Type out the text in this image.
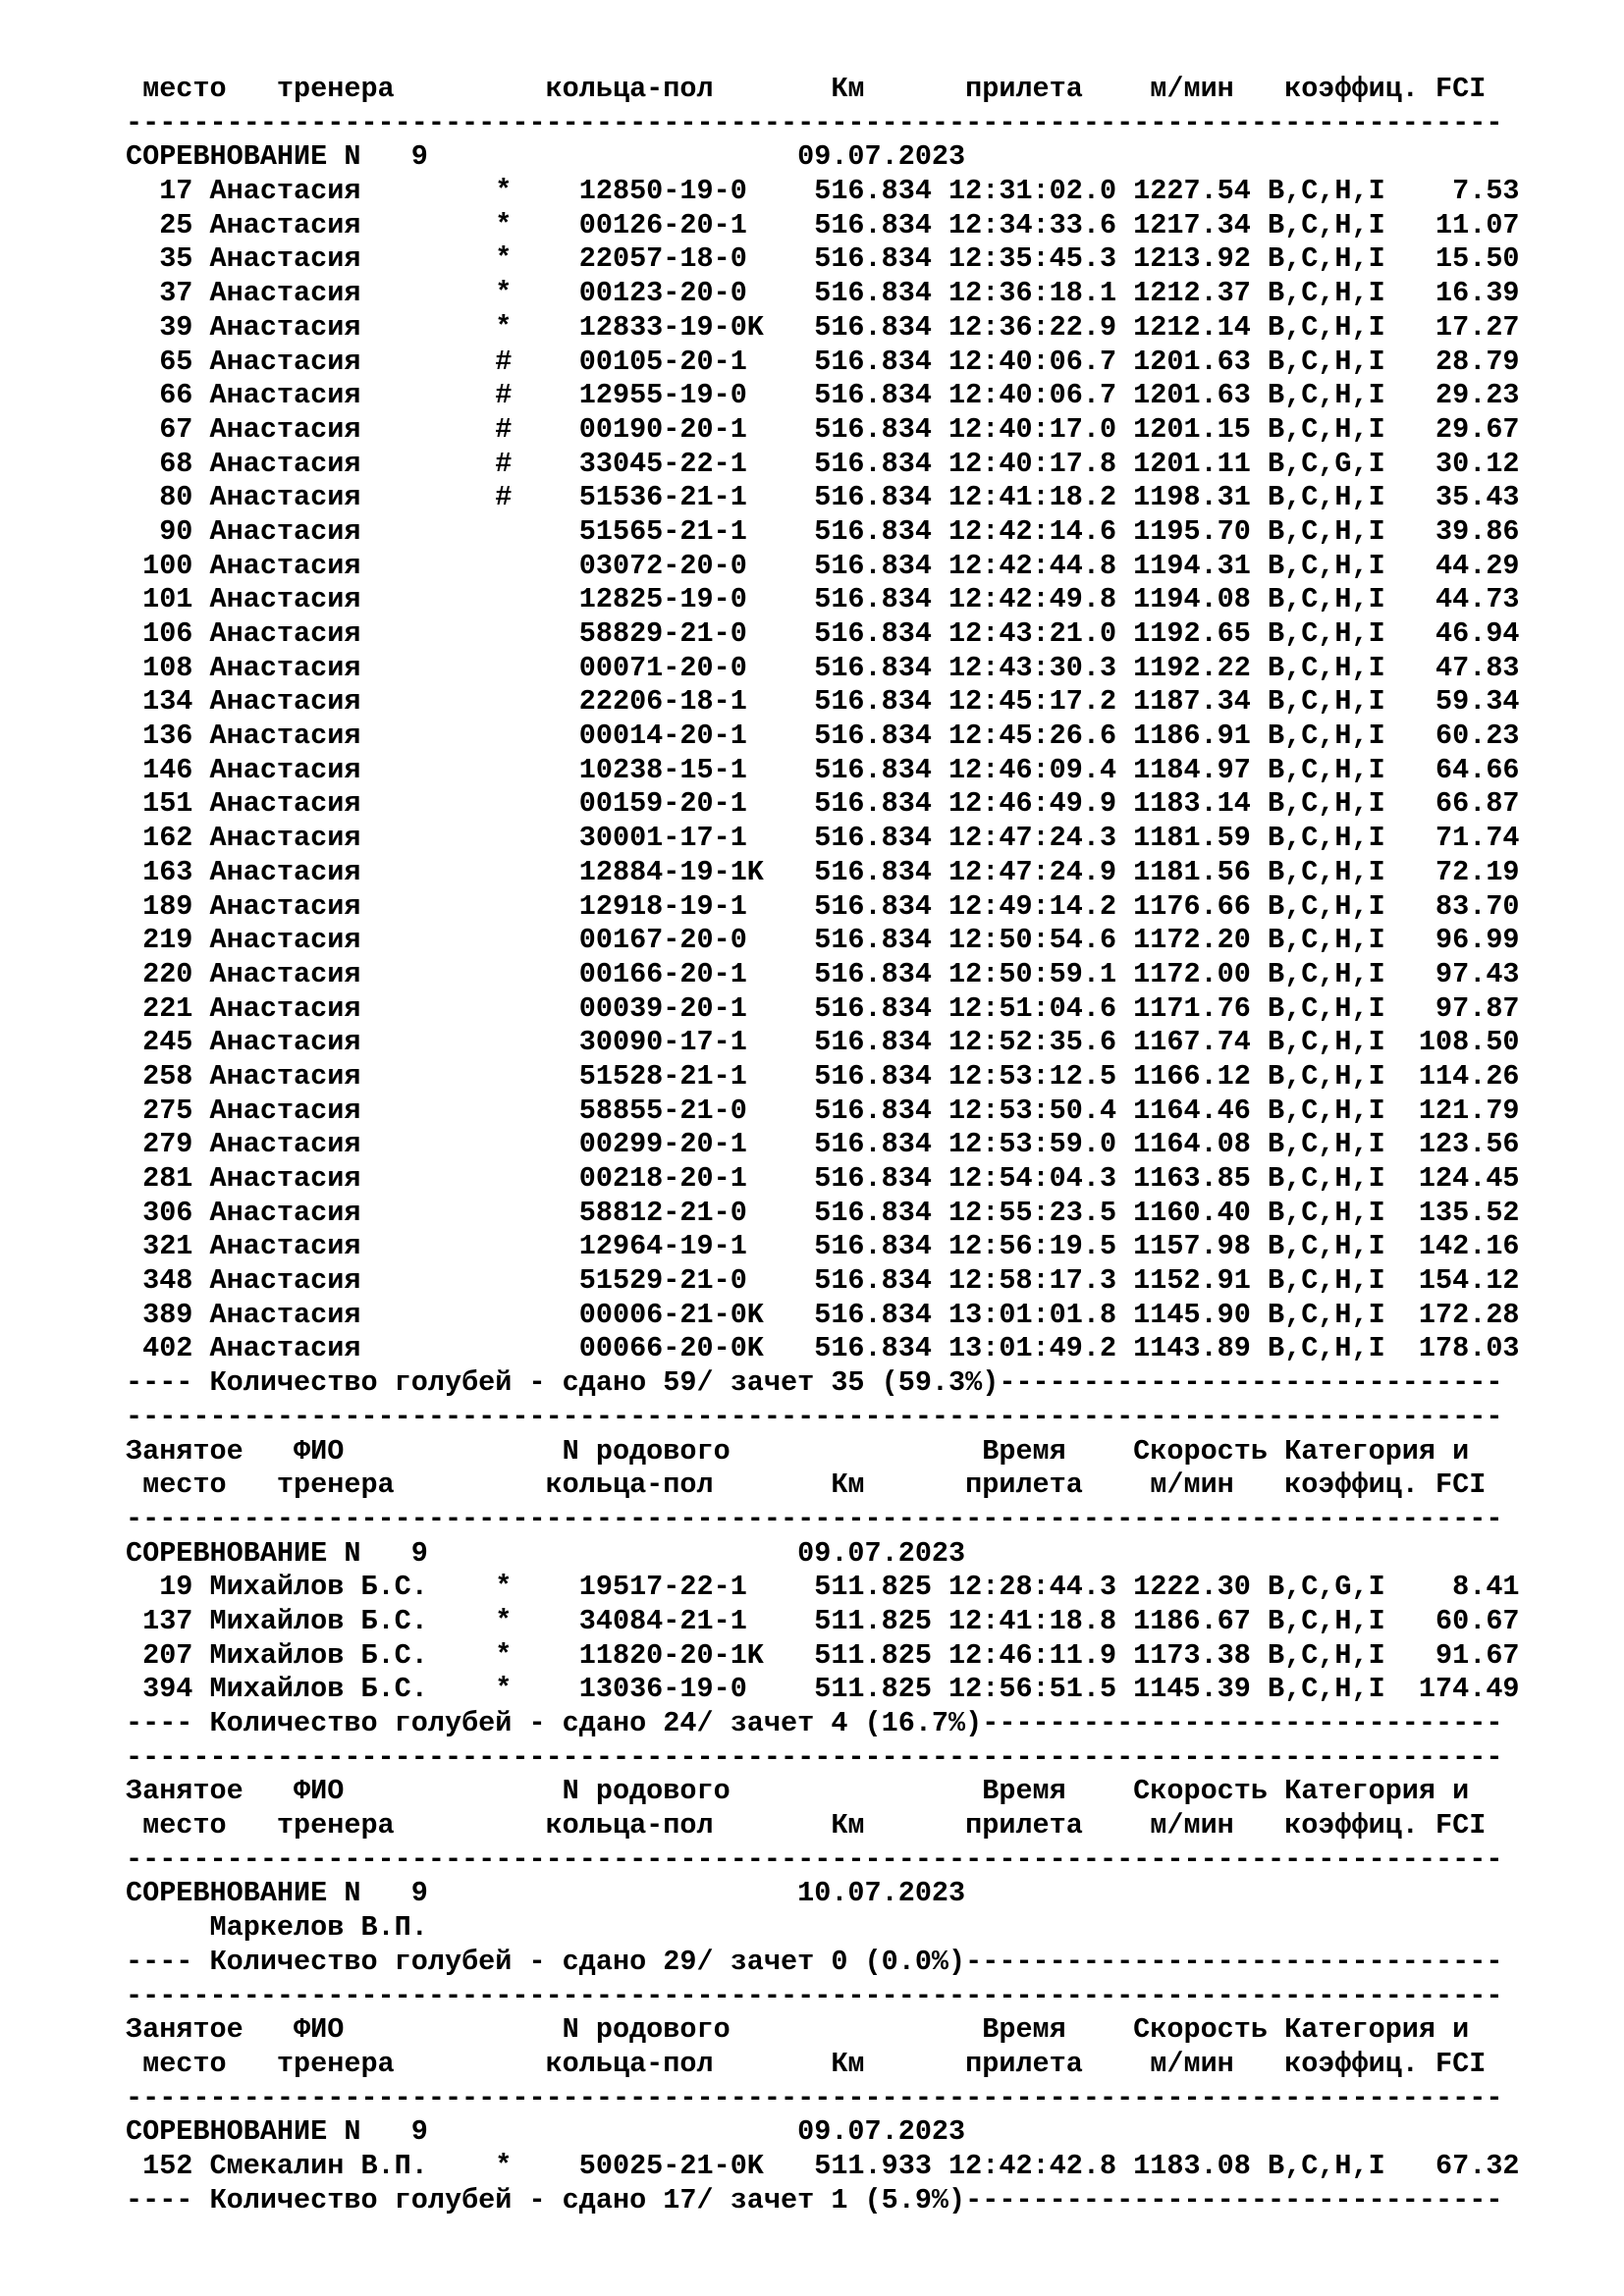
место   тренера         кольца-пол       Км      прилета    м/мин   коэффиц. FCI
----------------------------------------------------------------------------------
СОРЕВНОВАНИЕ N   9                      09.07.2023
17 Анастасия        *    12850-19-0    516.834 12:31:02.0 1227.54 B,C,H,I    7.53
25 Анастасия        *    00126-20-1    516.834 12:34:33.6 1217.34 B,C,H,I   11.07
35 Анастасия        *    22057-18-0    516.834 12:35:45.3 1213.92 B,C,H,I   15.50
37 Анастасия        *    00123-20-0    516.834 12:36:18.1 1212.37 B,C,H,I   16.39
39 Анастасия        *    12833-19-0K   516.834 12:36:22.9 1212.14 B,C,H,I   17.27
65 Анастасия        #    00105-20-1    516.834 12:40:06.7 1201.63 B,C,H,I   28.79
66 Анастасия        #    12955-19-0    516.834 12:40:06.7 1201.63 B,C,H,I   29.23
67 Анастасия        #    00190-20-1    516.834 12:40:17.0 1201.15 B,C,H,I   29.67
68 Анастасия        #    33045-22-1    516.834 12:40:17.8 1201.11 B,C,G,I   30.12
80 Анастасия        #    51536-21-1    516.834 12:41:18.2 1198.31 B,C,H,I   35.43
90 Анастасия             51565-21-1    516.834 12:42:14.6 1195.70 B,C,H,I   39.86
100 Анастасия             03072-20-0    516.834 12:42:44.8 1194.31 B,C,H,I   44.29
101 Анастасия             12825-19-0    516.834 12:42:49.8 1194.08 B,C,H,I   44.73
106 Анастасия             58829-21-0    516.834 12:43:21.0 1192.65 B,C,H,I   46.94
108 Анастасия             00071-20-0    516.834 12:43:30.3 1192.22 B,C,H,I   47.83
134 Анастасия             22206-18-1    516.834 12:45:17.2 1187.34 B,C,H,I   59.34
136 Анастасия             00014-20-1    516.834 12:45:26.6 1186.91 B,C,H,I   60.23
146 Анастасия             10238-15-1    516.834 12:46:09.4 1184.97 B,C,H,I   64.66
151 Анастасия             00159-20-1    516.834 12:46:49.9 1183.14 B,C,H,I   66.87
162 Анастасия             30001-17-1    516.834 12:47:24.3 1181.59 B,C,H,I   71.74
163 Анастасия             12884-19-1K   516.834 12:47:24.9 1181.56 B,C,H,I   72.19
189 Анастасия             12918-19-1    516.834 12:49:14.2 1176.66 B,C,H,I   83.70
219 Анастасия             00167-20-0    516.834 12:50:54.6 1172.20 B,C,H,I   96.99
220 Анастасия             00166-20-1    516.834 12:50:59.1 1172.00 B,C,H,I   97.43
221 Анастасия             00039-20-1    516.834 12:51:04.6 1171.76 B,C,H,I   97.87
245 Анастасия             30090-17-1    516.834 12:52:35.6 1167.74 B,C,H,I  108.50
258 Анастасия             51528-21-1    516.834 12:53:12.5 1166.12 B,C,H,I  114.26
275 Анастасия             58855-21-0    516.834 12:53:50.4 1164.46 B,C,H,I  121.79
279 Анастасия             00299-20-1    516.834 12:53:59.0 1164.08 B,C,H,I  123.56
281 Анастасия             00218-20-1    516.834 12:54:04.3 1163.85 B,C,H,I  124.45
306 Анастасия             58812-21-0    516.834 12:55:23.5 1160.40 B,C,H,I  135.52
321 Анастасия             12964-19-1    516.834 12:56:19.5 1157.98 B,C,H,I  142.16
348 Анастасия             51529-21-0    516.834 12:58:17.3 1152.91 B,C,H,I  154.12
389 Анастасия             00006-21-0K   516.834 13:01:01.8 1145.90 B,C,H,I  172.28
402 Анастасия             00066-20-0K   516.834 13:01:49.2 1143.89 B,C,H,I  178.03
---- Количество голубей - сдано 59/ зачет 35 (59.3%)------------------------------
----------------------------------------------------------------------------------
Занятое   ФИО             N родового               Время    Скорость Категория и
место   тренера         кольца-пол       Км      прилета    м/мин   коэффиц. FCI
----------------------------------------------------------------------------------
СОРЕВНОВАНИЕ N   9                      09.07.2023
19 Михайлов Б.С.    *    19517-22-1    511.825 12:28:44.3 1222.30 B,C,G,I    8.41
137 Михайлов Б.С.    *    34084-21-1    511.825 12:41:18.8 1186.67 B,C,H,I   60.67
207 Михайлов Б.С.    *    11820-20-1K   511.825 12:46:11.9 1173.38 B,C,H,I   91.67
394 Михайлов Б.С.    *    13036-19-0    511.825 12:56:51.5 1145.39 B,C,H,I  174.49
---- Количество голубей - сдано 24/ зачет 4 (16.7%)-------------------------------
----------------------------------------------------------------------------------
Занятое   ФИО             N родового               Время    Скорость Категория и
место   тренера         кольца-пол       Км      прилета    м/мин   коэффиц. FCI
----------------------------------------------------------------------------------
СОРЕВНОВАНИЕ N   9                      10.07.2023
Маркелов В.П.
---- Количество голубей - сдано 29/ зачет 0 (0.0%)--------------------------------
----------------------------------------------------------------------------------
Занятое   ФИО             N родового               Время    Скорость Категория и
место   тренера         кольца-пол       Км      прилета    м/мин   коэффиц. FCI
----------------------------------------------------------------------------------
СОРЕВНОВАНИЕ N   9                      09.07.2023
152 Смекалин В.П.    *    50025-21-0K   511.933 12:42:42.8 1183.08 B,C,H,I   67.32
---- Количество голубей - сдано 17/ зачет 1 (5.9%)--------------------------------
